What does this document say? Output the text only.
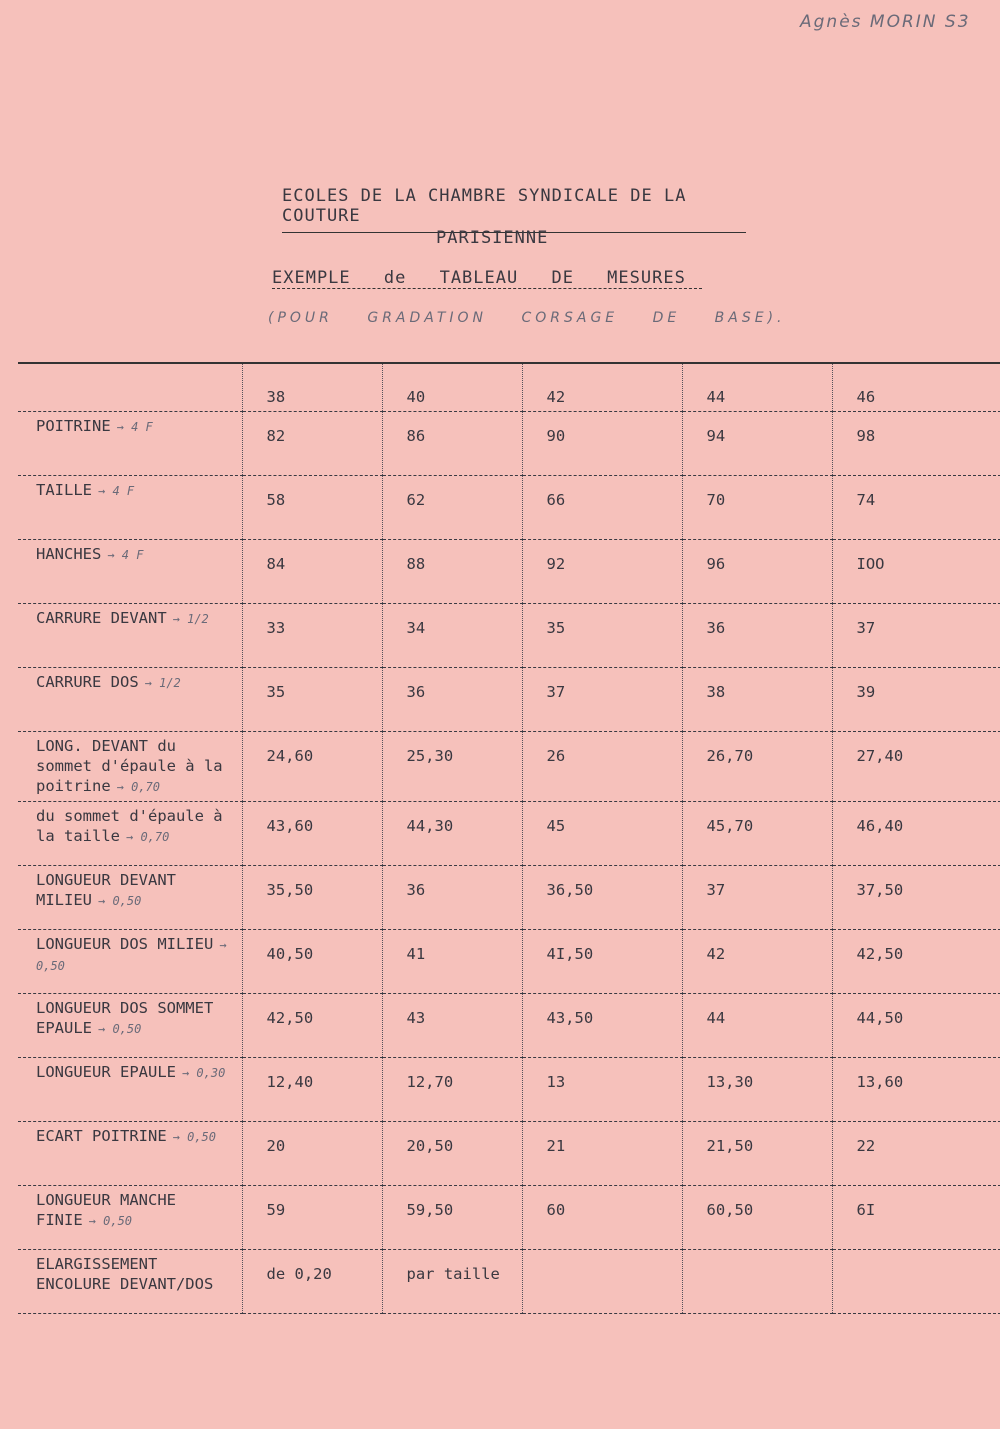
Agnès MORIN S3
ECOLES DE LA CHAMBRE SYNDICALE DE LA COUTURE
PARISIENNE
EXEMPLE de TABLEAU DE MESURES
(POUR GRADATION CORSAGE DE BASE).
	38	40	42	44	46
POITRINE → 4 F	82	86	90	94	98
TAILLE → 4 F	58	62	66	70	74
HANCHES → 4 F	84	88	92	96	IOO
CARRURE DEVANT → 1/2	33	34	35	36	37
CARRURE DOS → 1/2	35	36	37	38	39
LONG. DEVANT du sommet d'épaule à la poitrine → 0,70	24,60	25,30	26	26,70	27,40
du sommet d'épaule à la taille → 0,70	43,60	44,30	45	45,70	46,40
LONGUEUR DEVANT MILIEU → 0,50	35,50	36	36,50	37	37,50
LONGUEUR DOS MILIEU → 0,50	40,50	41	4I,50	42	42,50
LONGUEUR DOS SOMMET EPAULE → 0,50	42,50	43	43,50	44	44,50
LONGUEUR EPAULE → 0,30	12,40	12,70	13	13,30	13,60
ECART POITRINE → 0,50	20	20,50	21	21,50	22
LONGUEUR MANCHE FINIE → 0,50	59	59,50	60	60,50	6I
ELARGISSEMENT ENCOLURE DEVANT/DOS	de 0,20	par taille			
